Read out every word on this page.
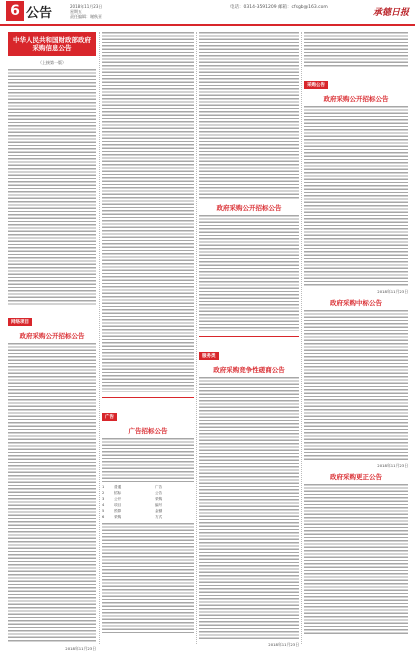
6 公告	2018年11月23日
星期五
责任编辑：谢秋亚
电话：0314-3591209 邮箱：cfsgb@163.com
承德日报
中华人民共和国财政部政府采购信息公告
（上接第一版）
网络项目
政府采购公开招标公告
2018年11月23日
广告
广告招标公告
1	普通	广告
2	招标	公告
3	公开	采购
4	项目	编号
5	预算	金额
6	采购	方式
政府采购公开招标公告
服务类
政府采购竞争性磋商公告
2018年11月23日
采购公告
政府采购公开招标公告
2018年11月23日
政府采购中标公告
2018年11月23日
政府采购更正公告
